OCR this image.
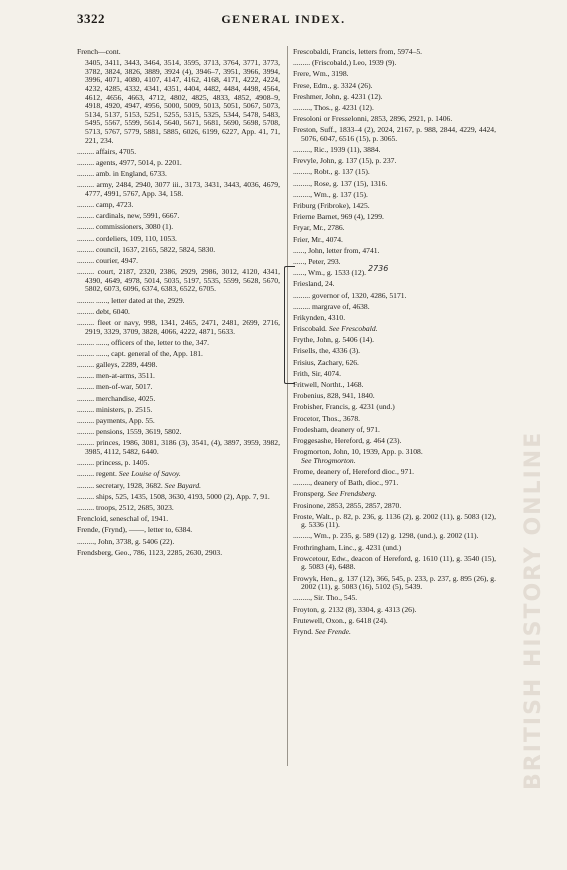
3322	GENERAL INDEX.
BRITISH HISTORY ONLINE
French—cont.
3405, 3411, 3443, 3464, 3514, 3595, 3713, 3764, 3771, 3773, 3782, 3824, 3826, 3889, 3924 (4), 3946–7, 3951, 3966, 3994, 3996, 4071, 4080, 4107, 4147, 4162, 4168, 4171, 4222, 4224, 4232, 4285, 4332, 4341, 4351, 4404, 4482, 4484, 4498, 4564, 4612, 4656, 4663, 4712, 4802, 4825, 4833, 4852, 4908–9, 4918, 4920, 4947, 4956, 5000, 5009, 5013, 5051, 5067, 5073, 5134, 5137, 5153, 5251, 5255, 5315, 5325, 5344, 5478, 5483, 5495, 5567, 5599, 5614, 5640, 5671, 5681, 5690, 5698, 5708, 5713, 5767, 5779, 5881, 5885, 6026, 6199, 6227, App. 41, 71, 221, 234.
......... affairs, 4705.
......... agents, 4977, 5014, p. 2201.
......... amb. in England, 6733.
......... army, 2484, 2940, 3077 iii., 3173, 3431, 3443, 4036, 4679, 4777, 4991, 5767, App. 34, 158.
......... camp, 4723.
......... cardinals, new, 5991, 6667.
......... commissioners, 3080 (1).
......... cordeliers, 109, 110, 1053.
......... council, 1637, 2165, 5822, 5824, 5830.
......... courier, 4947.
......... court, 2187, 2320, 2386, 2929, 2986, 3012, 4120, 4341, 4390, 4649, 4978, 5014, 5035, 5197, 5535, 5599, 5628, 5670, 5802, 6073, 6096, 6374, 6383, 6522, 6705.
......... ......, letter dated at the, 2929.
......... debt, 6040.
......... fleet or navy, 998, 1341, 2465, 2471, 2481, 2699, 2716, 2919, 3329, 3709, 3828, 4066, 4222, 4871, 5633.
......... ......, officers of the, letter to the, 347.
......... ......, capt. general of the, App. 181.
......... galleys, 2289, 4498.
......... men-at-arms, 3511.
......... men-of-war, 5017.
......... merchandise, 4025.
......... ministers, p. 2515.
......... payments, App. 55.
......... pensions, 1559, 3619, 5802.
......... princes, 1986, 3081, 3186 (3), 3541, (4), 3897, 3959, 3982, 3985, 4112, 5482, 6440.
......... princess, p. 1405.
......... regent. See Louise of Savoy.
......... secretary, 1928, 3682. See Bayard.
......... ships, 525, 1435, 1508, 3630, 4193, 5000 (2), App. 7, 91.
......... troops, 2512, 2685, 3023.
Frencloid, seneschal of, 1941.
Frende, (Frynd), ——, letter to, 6384.
........., John, 3738, g. 5406 (22).
Frendsberg, Geo., 786, 1123, 2285, 2630, 2903.
Frescobaldi, Francis, letters from, 5974–5.
......... (Friscobald,) Leo, 1939 (9).
Frere, Wm., 3198.
Frese, Edm., g. 3324 (26).
Freshmer, John, g. 4231 (12).
........., Thos., g. 4231 (12).
Fresoloni or Fresselonni, 2853, 2896, 2921, p. 1406.
Freston, Suff., 1833–4 (2), 2024, 2167, p. 988, 2844, 4229, 4424, 5076, 6047, 6516 (15), p. 3065.
........., Ric., 1939 (11), 3884.
Frevyle, John, g. 137 (15), p. 237.
........., Robt., g. 137 (15).
........., Rose, g. 137 (15), 1316.
........., Wm., g. 137 (15).
Friburg (Fribroke), 1425.
Frierne Barnet, 969 (4), 1299.
Fryar, Mr., 2786.
Frier, Mr., 4074.
......, John, letter from, 4741.
......, Peter, 293.
......, Wm., g. 1533 (12).
Friesland, 24.
......... governor of, 1320, 4286, 5171.
......... margrave of, 4638.
Frikynden, 4310.
Friscobald. See Frescobald.
Frythe, John, g. 5406 (14).
Frisells, the, 4336 (3).
Frisius, Zachary, 626.
Frith, Sir, 4074.
Fritwell, Northt., 1468.
Frobenius, 828, 941, 1840.
Frobisher, Francis, g. 4231 (und.)
Frocetor, Thos., 3678.
Frodesham, deanery of, 971.
Froggesashe, Hereford, g. 464 (23).
Frogmorton, John, 10, 1939, App. p. 3108.
See Throgmorton.
Frome, deanery of, Hereford dioc., 971.
........., deanery of Bath, dioc., 971.
Fronsperg. See Frendsberg.
Frosinone, 2853, 2855, 2857, 2870.
Froste, Walt., p. 82, p. 236, g. 1136 (2), g. 2002 (11), g. 5083 (12), g. 5336 (11).
........., Wm., p. 235, g. 589 (12) g. 1298, (und.), g. 2002 (11).
Frothringham, Linc., g. 4231 (und.)
Frowcetour, Edw., deacon of Hereford, g. 1610 (11), g. 3540 (15), g. 5083 (4), 6488.
Frowyk, Hen., g. 137 (12), 366, 545, p. 233, p. 237, g. 895 (26), g. 2002 (11), g. 5083 (16), 5102 (5), 5439.
........., Sir. Tho., 545.
Froyton, g. 2132 (8), 3304, g. 4313 (26).
Frutewell, Oxon., g. 6418 (24).
Frynd. See Frende.
2736
